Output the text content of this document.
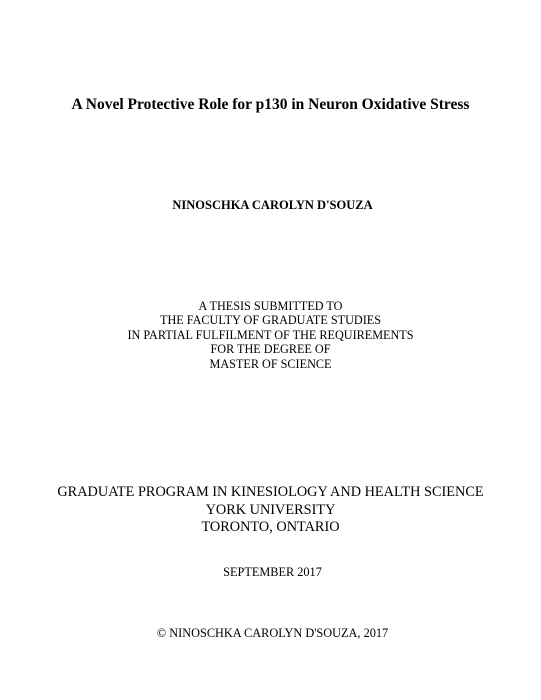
A Novel Protective Role for p130 in Neuron Oxidative Stress
NINOSCHKA CAROLYN D'SOUZA
A THESIS SUBMITTED TO
THE FACULTY OF GRADUATE STUDIES
IN PARTIAL FULFILMENT OF THE REQUIREMENTS
FOR THE DEGREE OF
MASTER OF SCIENCE
GRADUATE PROGRAM IN KINESIOLOGY AND HEALTH SCIENCE
YORK UNIVERSITY
TORONTO, ONTARIO
SEPTEMBER 2017
© NINOSCHKA CAROLYN D'SOUZA, 2017
